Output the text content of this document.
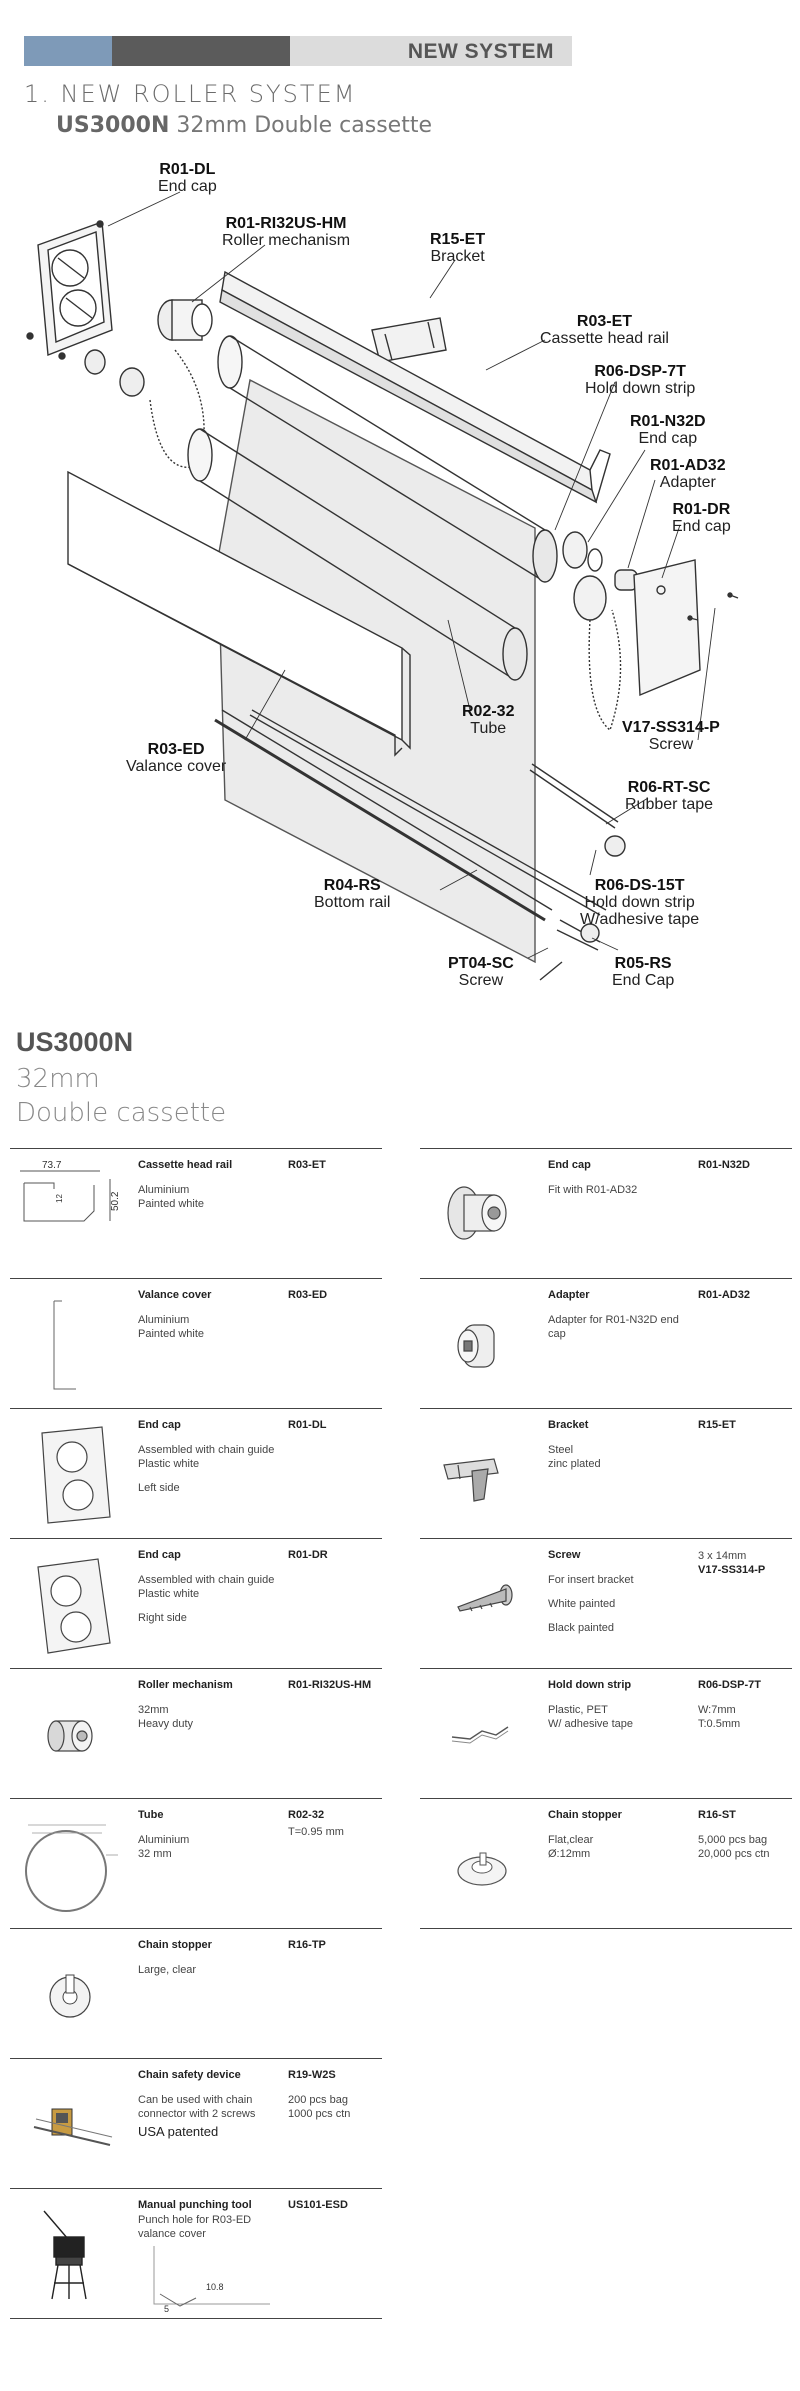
NEW SYSTEM
1. NEW ROLLER SYSTEM
US3000N 32mm Double cassette
R01-DL
End cap
R01-RI32US-HM
Roller mechanism	R15-ET
Bracket
R03-ET
Cassette head rail
R06-DSP-7T
Hold down strip
R01-N32D
End cap
R01-AD32
Adapter
R01-DR
End cap
V17-SS314-P
Screw
R02-32
Tube
R03-ED
Valance cover
R06-RT-SC
Rubber tape
R04-RS
Bottom rail
R06-DS-15T
Hold down strip
W/adhesive tape
PT04-SC
Screw
R05-RS
End Cap
US3000N
32mm
Double cassette
73.7
12	50.2
Cassette head rail	R03-ET
Aluminium
Painted white
Valance cover	R03-ED
Aluminium
Painted white
End cap	R01-DL
Assembled with chain guide
Plastic white
Left side
End cap	R01-DR
Assembled with chain guide
Plastic white
Right side
Roller mechanism	R01-RI32US-HM
32mm
Heavy duty
Tube	R02-32
T=0.95 mm
Aluminium
32 mm
Chain stopper	R16-TP
Large, clear
Chain safety device	R19-W2S
200 pcs bag
1000 pcs ctn
Can be used with chain
connector with 2 screws
USA patented
10.8
5
Manual punching tool	US101-ESD
Punch hole for R03-ED
valance cover
End cap	R01-N32D
Fit with R01-AD32
Adapter	R01-AD32
Adapter for R01-N32D end
cap
Bracket	R15-ET
Steel
zinc plated
Screw	3 x 14mm
V17-SS314-P
For insert bracket
White painted
Black painted
Hold down strip	R06-DSP-7T
W:7mm
T:0.5mm
Plastic, PET
W/ adhesive tape
Chain stopper	R16-ST
5,000 pcs bag
20,000 pcs ctn
Flat,clear
Ø:12mm
